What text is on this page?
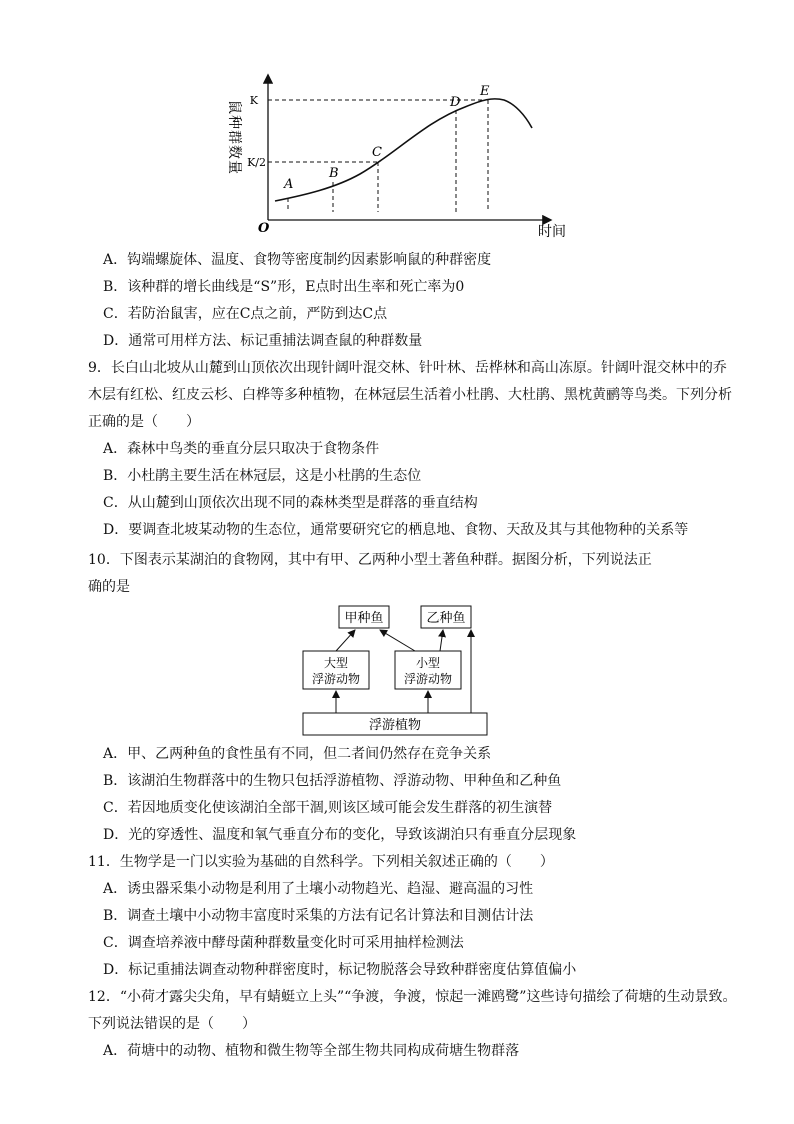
鼠种群数量 K
K/2
O	时间
A
B
C
D
E
A．钩端螺旋体、温度、食物等密度制约因素影响鼠的种群密度
B．该种群的增长曲线是“S”形，E点时出生率和死亡率为0
C．若防治鼠害，应在C点之前，严防到达C点
D．通常可用样方法、标记重捕法调查鼠的种群数量
9．长白山北坡从山麓到山顶依次出现针阔叶混交林、针叶林、岳桦林和高山冻原。针阔叶混交林中的乔
木层有红松、红皮云杉、白桦等多种植物，在林冠层生活着小杜鹃、大杜鹃、黑枕黄鹂等鸟类。下列分析
正确的是（　　）
A．森林中鸟类的垂直分层只取决于食物条件
B．小杜鹃主要生活在林冠层，这是小杜鹃的生态位
C．从山麓到山顶依次出现不同的森林类型是群落的垂直结构
D．要调查北坡某动物的生态位，通常要研究它的栖息地、食物、天敌及其与其他物种的关系等
10．下图表示某湖泊的食物网，其中有甲、乙两种小型土著鱼种群。据图分析，下列说法正
确的是
甲种鱼	乙种鱼
大型
浮游动物
小型
浮游动物
浮游植物
A．甲、乙两种鱼的食性虽有不同，但二者间仍然存在竞争关系
B．该湖泊生物群落中的生物只包括浮游植物、浮游动物、甲种鱼和乙种鱼
C．若因地质变化使该湖泊全部干涸,则该区域可能会发生群落的初生演替
D．光的穿透性、温度和氧气垂直分布的变化，导致该湖泊只有垂直分层现象
11．生物学是一门以实验为基础的自然科学。下列相关叙述正确的（　　）
A．诱虫器采集小动物是利用了土壤小动物趋光、趋湿、避高温的习性
B．调查土壤中小动物丰富度时采集的方法有记名计算法和目测估计法
C．调查培养液中酵母菌种群数量变化时可采用抽样检测法
D．标记重捕法调查动物种群密度时，标记物脱落会导致种群密度估算值偏小
12．“小荷才露尖尖角，早有蜻蜓立上头”“争渡，争渡，惊起一滩鸥鹭”这些诗句描绘了荷塘的生动景致。
下列说法错误的是（　　）
A．荷塘中的动物、植物和微生物等全部生物共同构成荷塘生物群落
